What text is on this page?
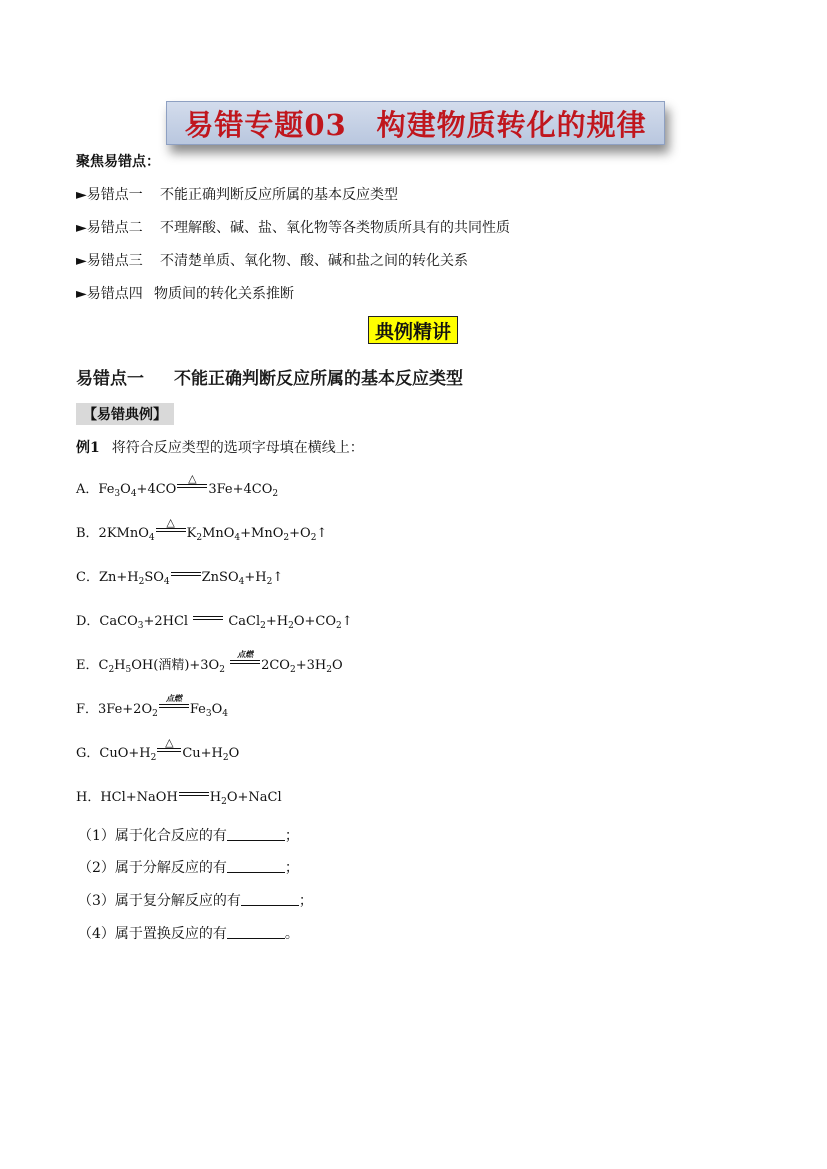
易错专题03　构建物质转化的规律
聚焦易错点：
►易错点一 不能正确判断反应所属的基本反应类型
►易错点二 不理解酸、碱、盐、氧化物等各类物质所具有的共同性质
►易错点三 不清楚单质、氧化物、酸、碱和盐之间的转化关系
►易错点四 物质间的转化关系推断
典例精讲
易错点一 不能正确判断反应所属的基本反应类型
【易错典例】
例1 将符合反应类型的选项字母填在横线上：
A．$Fe_3O_4+4CO$
△
$3Fe+4CO_2$
B．2KMnO$_4$
△
$K_2MnO_4+MnO_2+O_2↑$
C．$Zn+H_2SO_4$ $ZnSO_4+H_2↑$
D．CaCO$_3$+2HCl  $CaCl_2+H_2O+CO_2↑$
E．$C_2H_5OH$(酒精)$+3O_2$
点燃
$2CO_2+3H_2O$
F．$3Fe+2O_2$
点燃
$Fe_3O_4$
G．$CuO+H_2$
△
$Cu+H_2O$
H．HCl+NaOH $H_2O+NaCl$
（1）属于化合反应的有	；
（2）属于分解反应的有	；
（3）属于复分解反应的有	；
（4）属于置换反应的有	。
